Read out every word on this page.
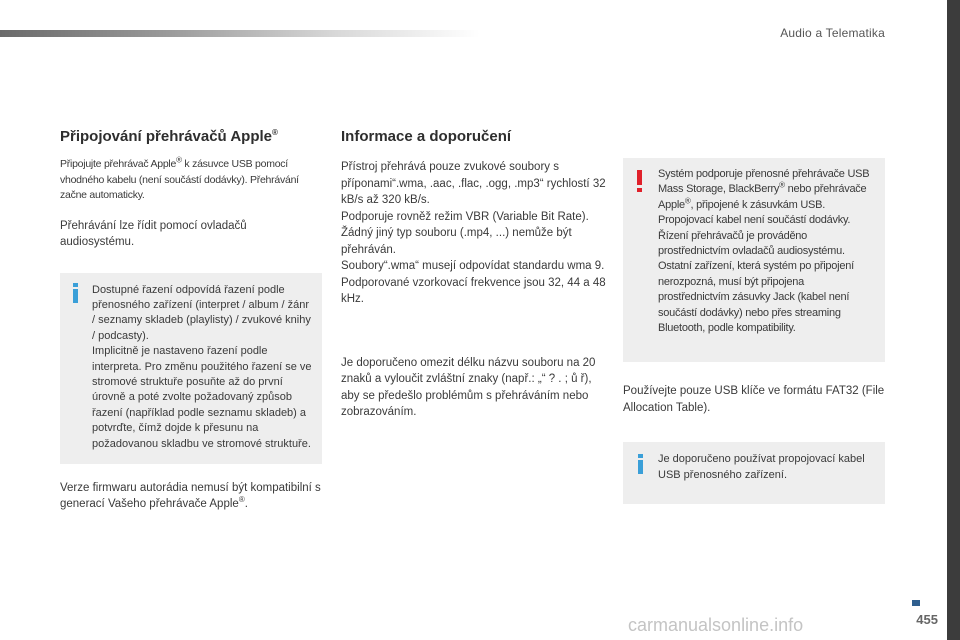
Audio a Telematika
Připojování přehrávačů Apple®

Připojujte přehrávač Apple® k zásuvce USB pomocí vhodného kabelu (není součástí dodávky). Přehrávání začne automaticky.

Přehrávání lze řídit pomocí ovladačů audiosystému.

Dostupné řazení odpovídá řazení podle přenosného zařízení (interpret / album / žánr / seznamy skladeb (playlisty) / zvukové knihy / podcasty).

Implicitně je nastaveno řazení podle interpreta. Pro změnu použitého řazení se ve stromové struktuře posuňte až do první úrovně a poté zvolte požadovaný způsob řazení (například podle seznamu skladeb) a potvrďte, čímž dojde k přesunu na požadovanou skladbu ve stromové struktuře.

Verze firmwaru autorádia nemusí být kompatibilní s generací Vašeho přehrávače Apple®.

Informace a doporučení

Přístroj přehrává pouze zvukové soubory s příponami“.wma, .aac, .flac, .ogg, .mp3“ rychlostí 32 kB/s až 320 kB/s.

Podporuje rovněž režim VBR (Variable Bit Rate).

Žádný jiný typ souboru (.mp4, ...) nemůže být přehráván.

Soubory“.wma“ musejí odpovídat standardu wma 9.

Podporované vzorkovací frekvence jsou 32, 44 a 48 kHz.

Je doporučeno omezit délku názvu souboru na 20 znaků a vyloučit zvláštní znaky (např.: „“ ? . ; ů ř), aby se předešlo problémům s přehráváním nebo zobrazováním.

Systém podporuje přenosné přehrávače USB Mass Storage, BlackBerry® nebo přehrávače Apple®, připojené k zásuvkám USB. Propojovací kabel není součástí dodávky.

Řízení přehrávačů je prováděno prostřednictvím ovladačů audiosystému.

Ostatní zařízení, která systém po připojení nerozpozná, musí být připojena prostřednictvím zásuvky Jack (kabel není součástí dodávky) nebo přes streaming Bluetooth, podle kompatibility.

Používejte pouze USB klíče ve formátu FAT32 (File Allocation Table).

Je doporučeno používat propojovací kabel USB přenosného zařízení.

455
carmanualsonline.info
